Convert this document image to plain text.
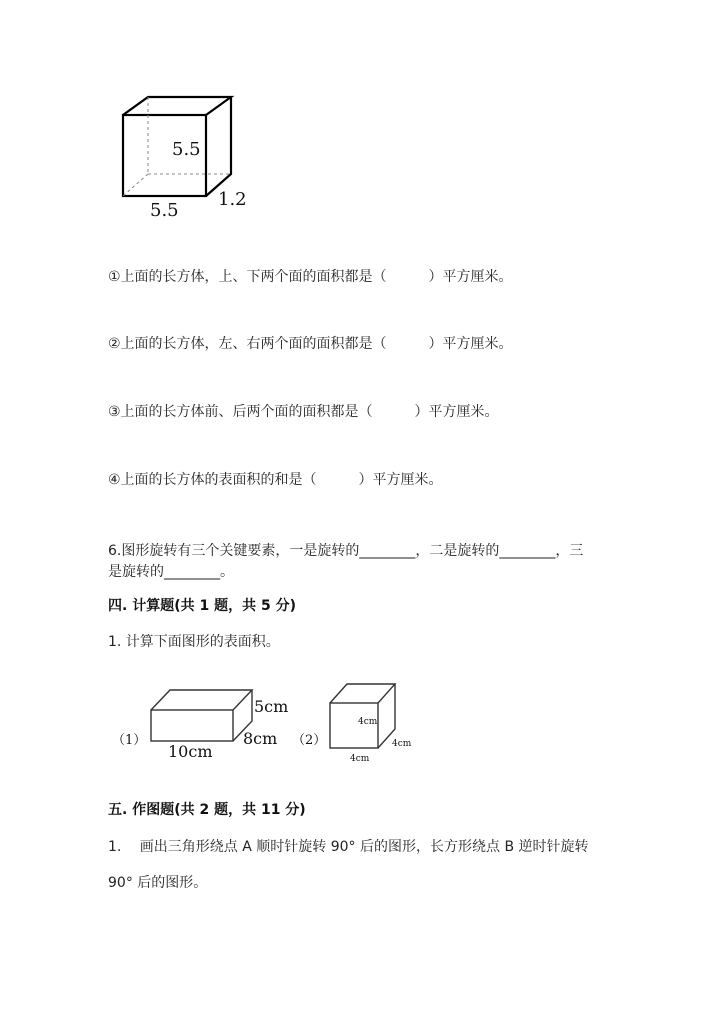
5.5
5.5
1.2
①上面的长方体，上、下两个面的面积都是（　　　）平方厘米。
②上面的长方体，左、右两个面的面积都是（　　　）平方厘米。
③上面的长方体前、后两个面的面积都是（　　　）平方厘米。
④上面的长方体的表面积的和是（　　　）平方厘米。
6.图形旋转有三个关键要素，一是旋转的________，二是旋转的________，三
是旋转的________。
四. 计算题(共 1 题，共 5 分)
1. 计算下面图形的表面积。
（1）
10cm
8cm
5cm
（2）
4cm
4cm
4cm
五. 作图题(共 2 题，共 11 分)
1.　 画出三角形绕点 A 顺时针旋转 90° 后的图形，长方形绕点 B 逆时针旋转
90° 后的图形。
